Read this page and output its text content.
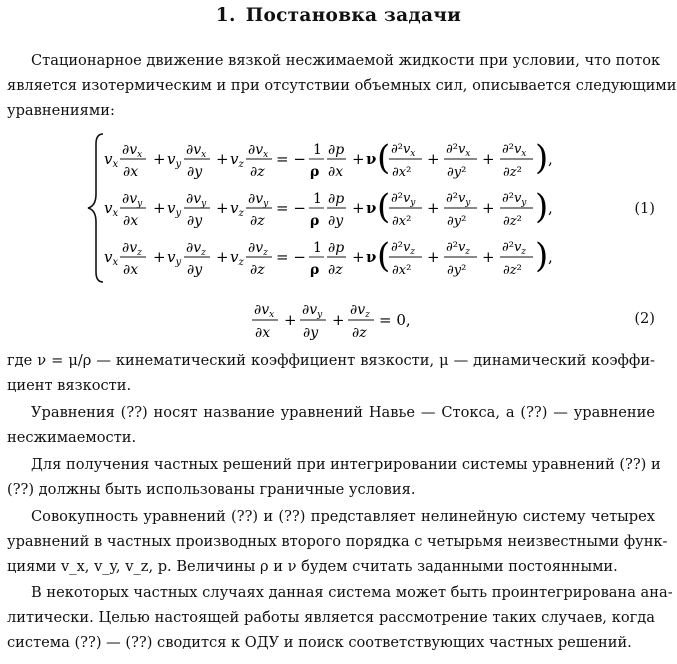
1. Постановка задачи
Стационарное движение вязкой несжимаемой жидкости при условии, что поток
является изотермическим и при отсутствии объемных сил, описывается следующими
уравнениями:
$v_x$
$\partial v_x$
∂x
+ $v_y$
$\partial v_x$
∂y
+ $v_z$
$\partial v_x$
∂z
= − 1
ρ
∂p
∂x
+ ν ( $\partial^2v_x$
∂x²
+
$\partial^2v_x$
∂y²
+
$\partial^2v_x$
∂z² ) ,
$v_x$
$\partial v_y$
∂x
+ $v_y$
$\partial v_y$
∂y
+ $v_z$
$\partial v_y$
∂z
= − 1
ρ
∂p
∂y
+ ν ( $\partial^2v_y$
∂x²
+
$\partial^2v_y$
∂y²
+
$\partial^2v_y$
∂z² ) ,
$v_x$
$\partial v_z$
∂x
+ $v_y$
$\partial v_z$
∂y
+ $v_z$
$\partial v_z$
∂z
= − 1
ρ
∂p
∂z
+ ν ( $\partial^2v_z$
∂x²
+
$\partial^2v_z$
∂y²
+
$\partial^2v_z$
∂z² ) ,
(1)
$\partial v_x$
∂x
+
$\partial v_y$
∂y
+
$\partial v_z$
∂z
= 0,	(2)
где ν = μ/ρ — кинематический коэффициент вязкости, μ — динамический коэффи-
циент вязкости.
Уравнения (??) носят название уравнений Навье — Стокса, а (??) — уравнение
несжимаемости.
Для получения частных решений при интегрировании системы уравнений (??) и
(??) должны быть использованы граничные условия.
Совокупность уравнений (??) и (??) представляет нелинейную систему четырех
уравнений в частных производных второго порядка с четырьмя неизвестными функ-
циями v_x, v_y, v_z, p. Величины ρ и ν будем считать заданными постоянными.
В некоторых частных случаях данная система может быть проинтегрирована ана-
литически. Целью настоящей работы является рассмотрение таких случаев, когда
система (??) — (??) сводится к ОДУ и поиск соответствующих частных решений.
